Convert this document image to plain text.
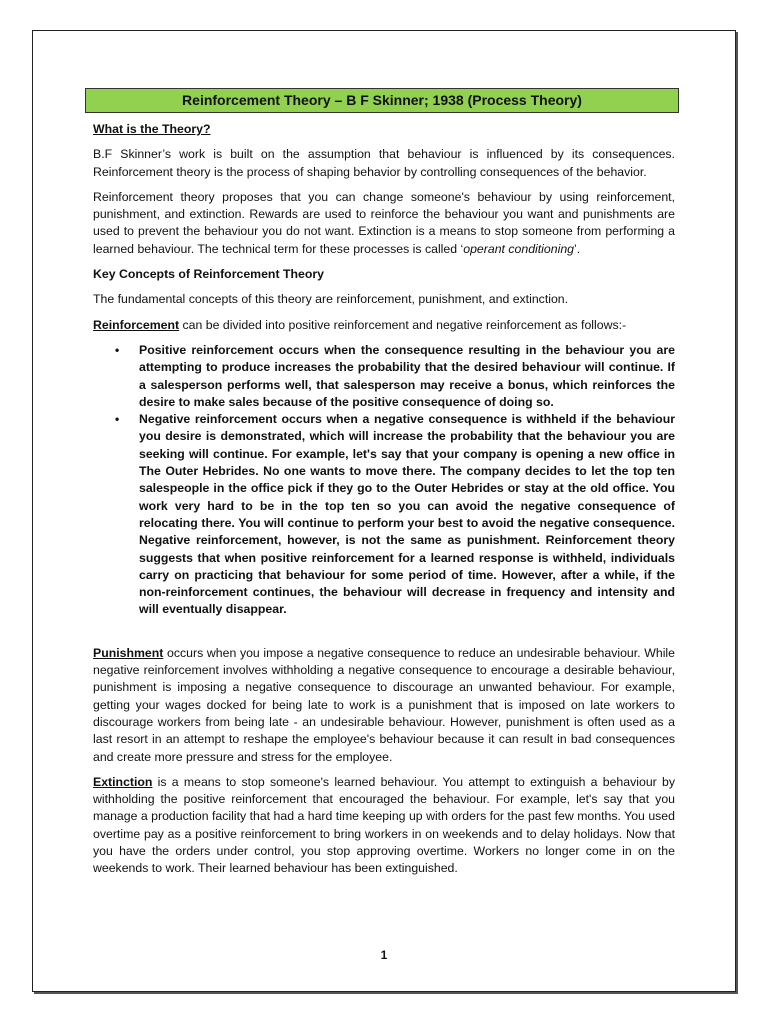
Reinforcement Theory – B F Skinner; 1938 (Process Theory)
What is the Theory?

B.F Skinner’s work is built on the assumption that behaviour is influenced by its consequences. Reinforcement theory is the process of shaping behavior by controlling consequences of the behavior.

Reinforcement theory proposes that you can change someone's behaviour by using reinforcement, punishment, and extinction. Rewards are used to reinforce the behaviour you want and punishments are used to prevent the behaviour you do not want. Extinction is a means to stop someone from performing a learned behaviour. The technical term for these processes is called ‘operant conditioning’.

Key Concepts of Reinforcement Theory

The fundamental concepts of this theory are reinforcement, punishment, and extinction.

Reinforcement can be divided into positive reinforcement and negative reinforcement as follows:-

• Positive reinforcement occurs when the consequence resulting in the behaviour you are attempting to produce increases the probability that the desired behaviour will continue. If a salesperson performs well, that salesperson may receive a bonus, which reinforces the desire to make sales because of the positive consequence of doing so.
• Negative reinforcement occurs when a negative consequence is withheld if the behaviour you desire is demonstrated, which will increase the probability that the behaviour you are seeking will continue. For example, let's say that your company is opening a new office in The Outer Hebrides. No one wants to move there. The company decides to let the top ten salespeople in the office pick if they go to the Outer Hebrides or stay at the old office. You work very hard to be in the top ten so you can avoid the negative consequence of relocating there. You will continue to perform your best to avoid the negative consequence. Negative reinforcement, however, is not the same as punishment. Reinforcement theory suggests that when positive reinforcement for a learned response is withheld, individuals carry on practicing that behaviour for some period of time. However, after a while, if the non-reinforcement continues, the behaviour will decrease in frequency and intensity and will eventually disappear.

Punishment occurs when you impose a negative consequence to reduce an undesirable behaviour. While negative reinforcement involves withholding a negative consequence to encourage a desirable behaviour, punishment is imposing a negative consequence to discourage an unwanted behaviour. For example, getting your wages docked for being late to work is a punishment that is imposed on late workers to discourage workers from being late - an undesirable behaviour. However, punishment is often used as a last resort in an attempt to reshape the employee's behaviour because it can result in bad consequences and create more pressure and stress for the employee.

Extinction is a means to stop someone's learned behaviour. You attempt to extinguish a behaviour by withholding the positive reinforcement that encouraged the behaviour. For example, let's say that you manage a production facility that had a hard time keeping up with orders for the past few months. You used overtime pay as a positive reinforcement to bring workers in on weekends and to delay holidays. Now that you have the orders under control, you stop approving overtime. Workers no longer come in on the weekends to work. Their learned behaviour has been extinguished.

1
